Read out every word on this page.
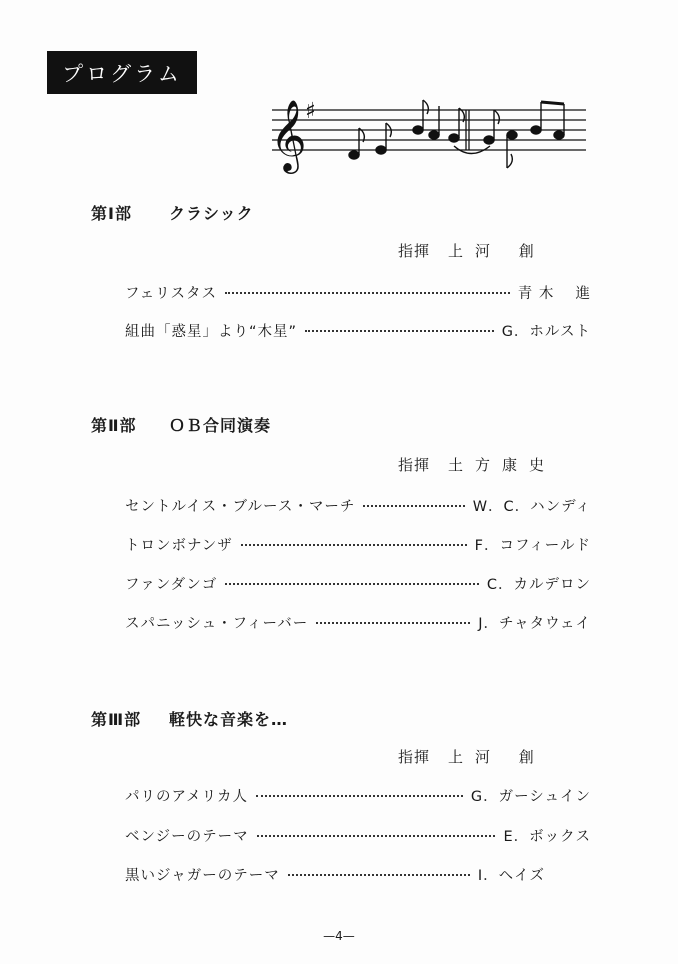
プログラム
𝄞
♯
第Ⅰ部 クラシック
指揮 上河 創
フェリスタス	青 木　 進
組曲「惑星」より“木星”	G．ホルスト
第Ⅱ部 ＯＢ合同演奏
指揮 土方康史
セントルイス・ブルース・マーチ	W．C．ハンディ
トロンボナンザ	F．コフィールド
ファンダンゴ	C．カルデロン
スパニッシュ・フィーバー	J．チャタウェイ
第Ⅲ部 軽快な音楽を…
指揮 上河 創
パリのアメリカ人	G．ガーシュイン
ベンジーのテーマ	E．ボックス
黒いジャガーのテーマ	I．ヘイズ
—4—
